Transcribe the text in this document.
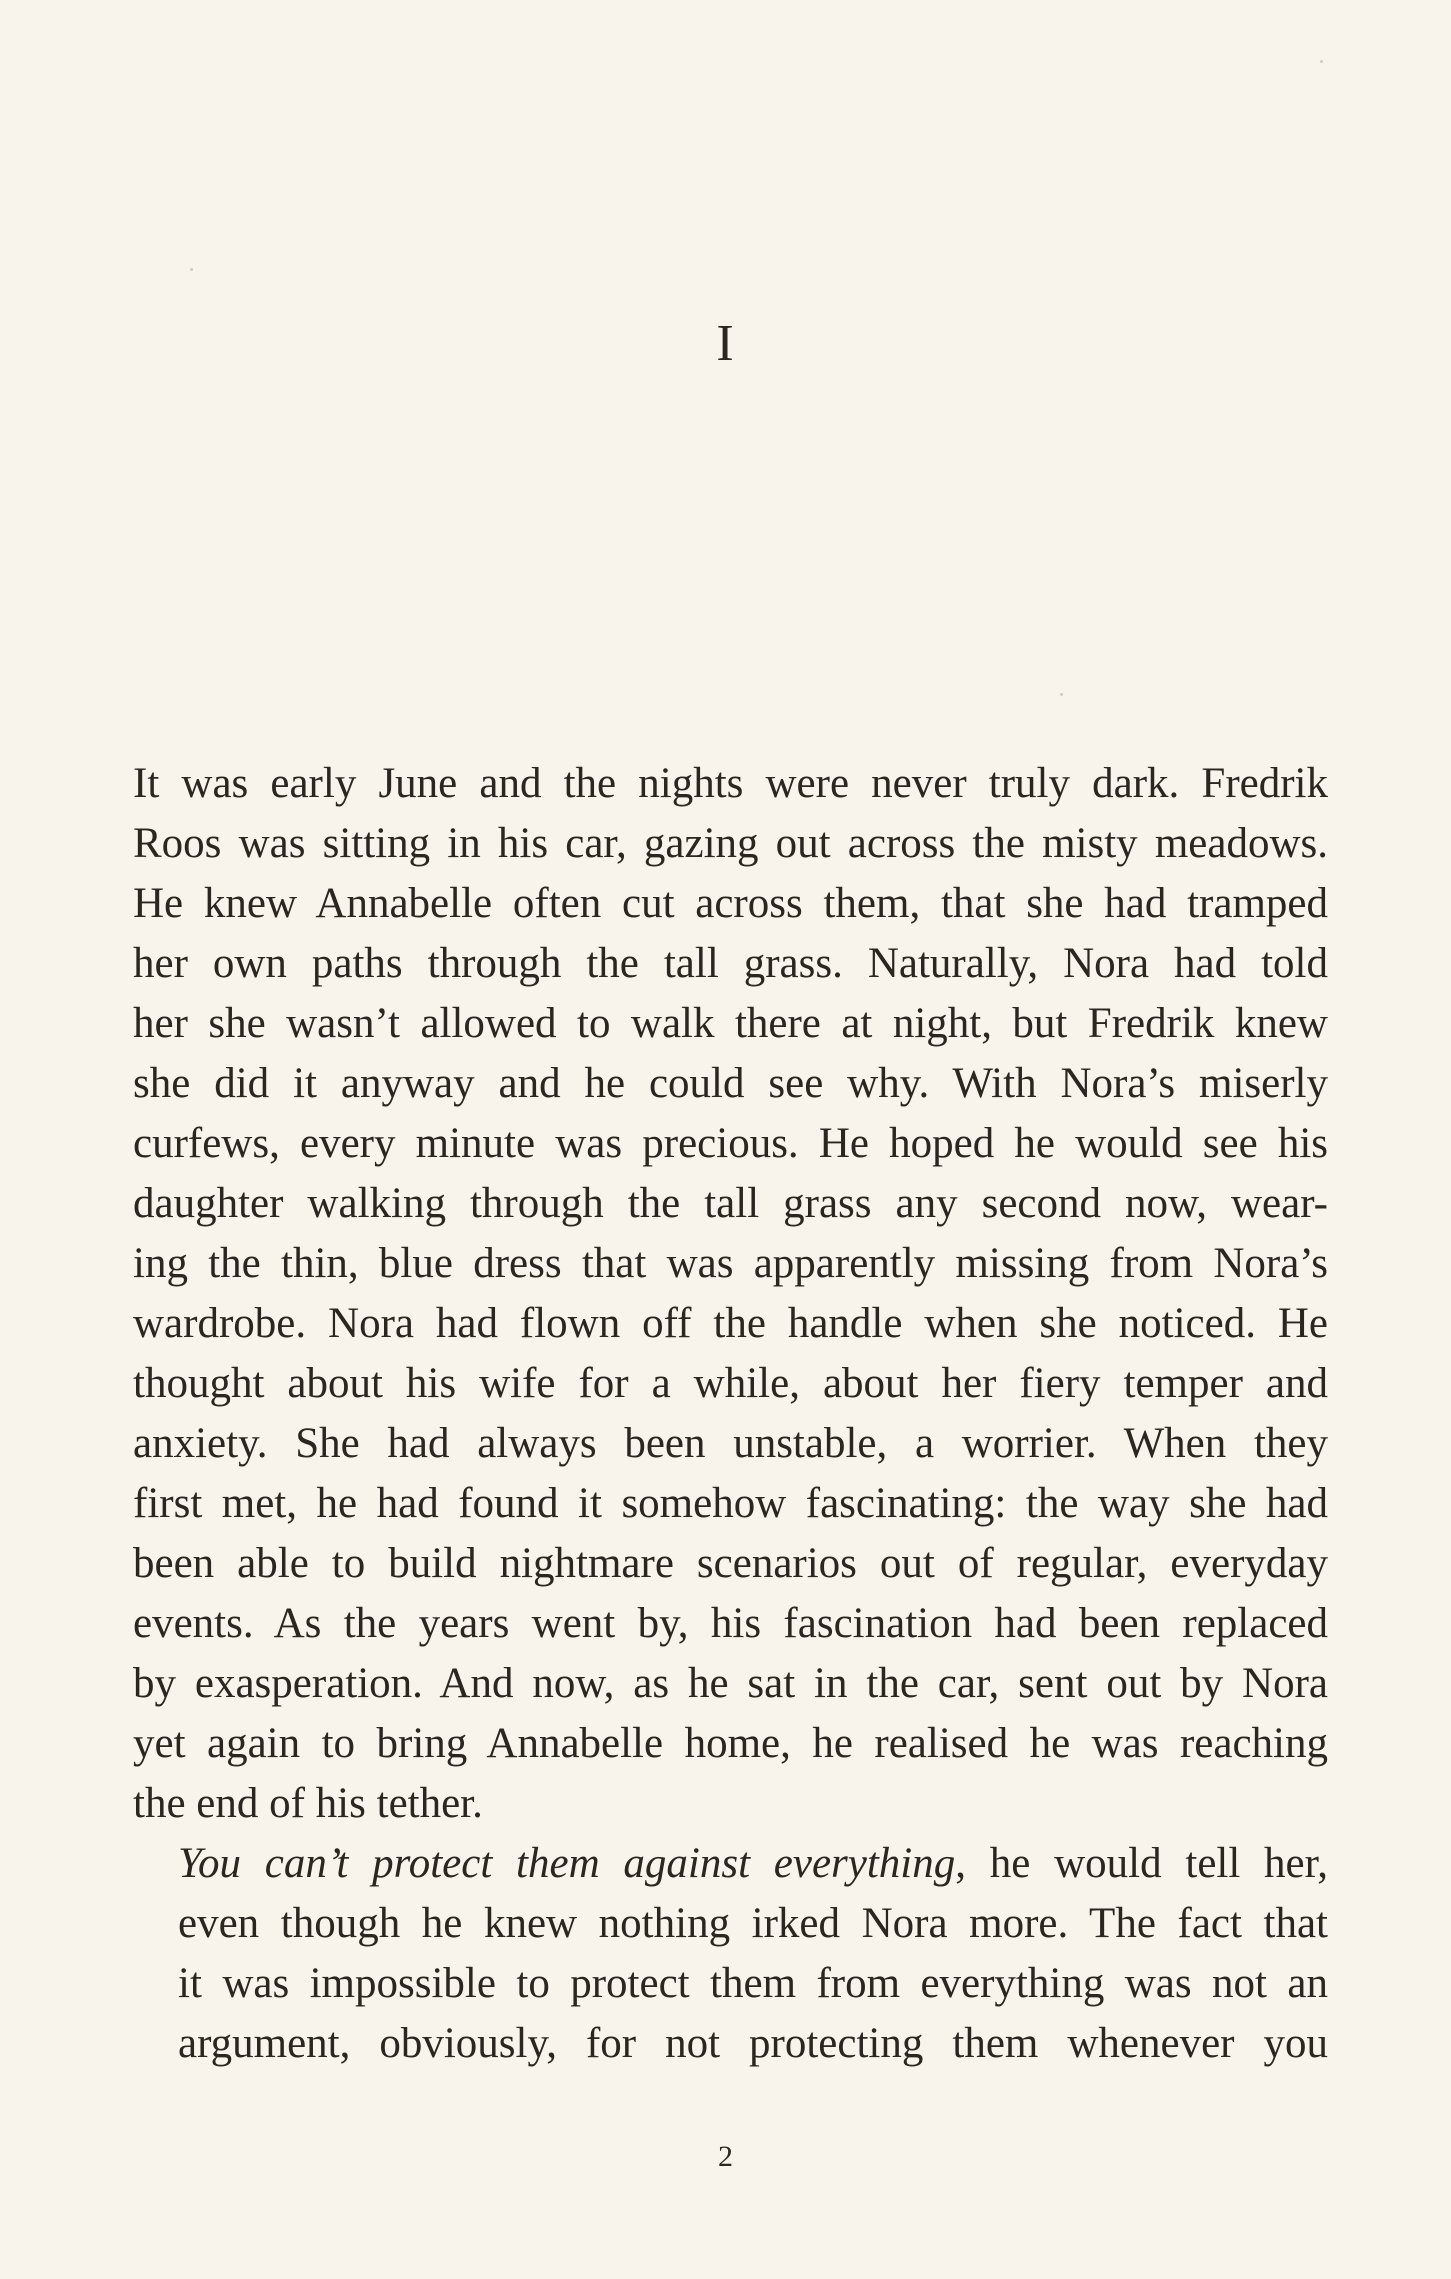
I

It was early June and the nights were never truly dark. Fredrik
Roos was sitting in his car, gazing out across the misty meadows.
He knew Annabelle often cut across them, that she had tramped
her own paths through the tall grass. Naturally, Nora had told
her she wasn’t allowed to walk there at night, but Fredrik knew
she did it anyway and he could see why. With Nora’s miserly
curfews, every minute was precious. He hoped he would see his
daughter walking through the tall grass any second now, wear-
ing the thin, blue dress that was apparently missing from Nora’s
wardrobe. Nora had flown off the handle when she noticed. He
thought about his wife for a while, about her fiery temper and
anxiety. She had always been unstable, a worrier. When they
first met, he had found it somehow fascinating: the way she had
been able to build nightmare scenarios out of regular, everyday
events. As the years went by, his fascination had been replaced
by exasperation. And now, as he sat in the car, sent out by Nora
yet again to bring Annabelle home, he realised he was reaching
the end of his tether.

You can’t protect them against everything, he would tell her,
even though he knew nothing irked Nora more. The fact that
it was impossible to protect them from everything was not an
argument, obviously, for not protecting them whenever you

2
